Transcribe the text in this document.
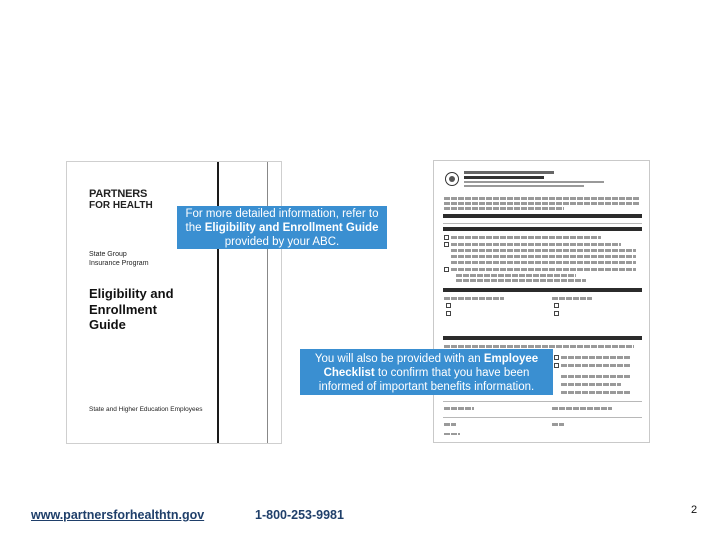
PARTNERS
FOR HEALTH
State Group
Insurance Program
Eligibility and
Enrollment
Guide
State and Higher Education Employees
For more detailed information, refer to the Eligibility and Enrollment Guide provided by your ABC.
You will also be provided with an Employee Checklist to confirm that you have been informed of important benefits information.
www.partnersforhealthtn.gov	1-800-253-9981	2
